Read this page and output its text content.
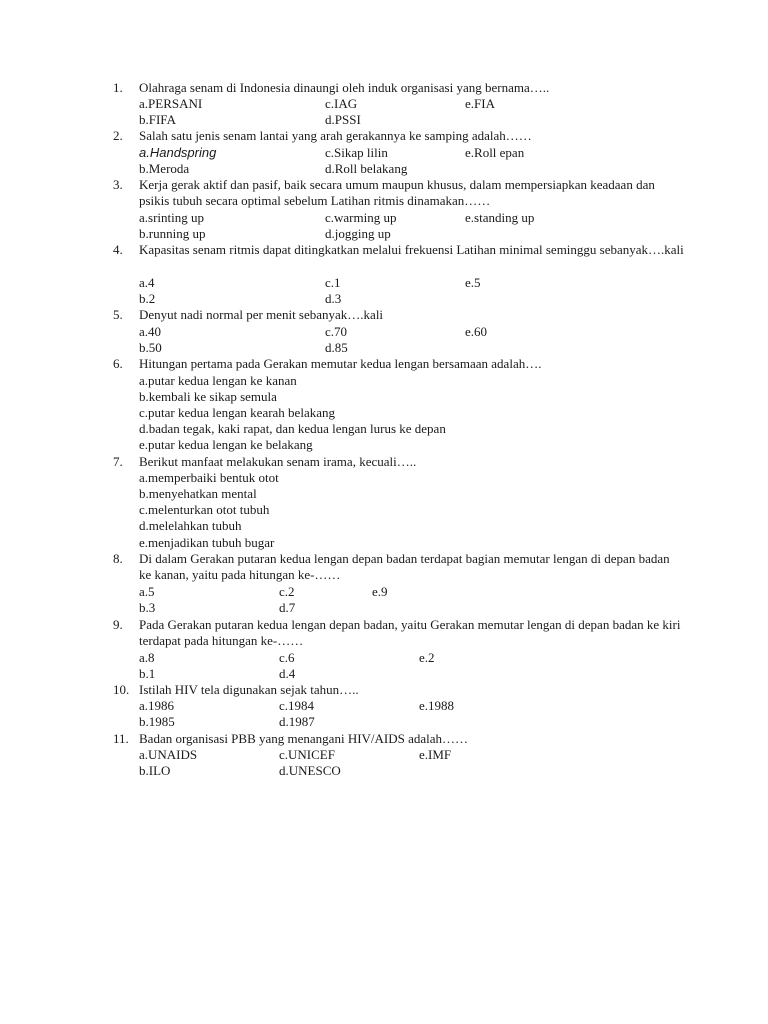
1.	Olahraga senam di Indonesia dinaungi oleh induk organisasi yang bernama…..
a.PERSANI	c.IAG	e.FIA
b.FIFA	d.PSSI
2.	Salah satu jenis senam lantai yang arah gerakannya ke samping adalah……
a.Handspring	c.Sikap lilin	e.Roll epan
b.Meroda	d.Roll belakang
3.	Kerja gerak aktif dan pasif, baik secara umum maupun khusus, dalam mempersiapkan keadaan dan psikis tubuh secara optimal sebelum Latihan ritmis dinamakan……
a.srinting up	c.warming up	e.standing up
b.running up	d.jogging up
4.	Kapasitas senam ritmis dapat ditingkatkan melalui frekuensi Latihan minimal seminggu sebanyak….kali
a.4	c.1	e.5
b.2	d.3
5.	Denyut nadi normal per menit sebanyak….kali
a.40	c.70	e.60
b.50	d.85
6.	Hitungan pertama pada Gerakan memutar kedua lengan bersamaan adalah….
a.putar kedua lengan ke kanan
b.kembali ke sikap semula
c.putar kedua lengan kearah belakang
d.badan tegak, kaki rapat, dan kedua lengan lurus ke depan
e.putar kedua lengan ke belakang
7.	Berikut manfaat melakukan senam irama, kecuali…..
a.memperbaiki bentuk otot
b.menyehatkan mental
c.melenturkan otot tubuh
d.melelahkan tubuh
e.menjadikan tubuh bugar
8.	Di dalam Gerakan putaran kedua lengan depan badan terdapat bagian memutar lengan di depan badan ke kanan, yaitu pada hitungan ke-……
a.5	c.2	e.9
b.3	d.7
9.	Pada Gerakan putaran kedua lengan depan badan, yaitu Gerakan memutar lengan di depan badan ke kiri terdapat pada hitungan ke-……
a.8	c.6	e.2
b.1	d.4
10. Istilah HIV tela digunakan sejak tahun…..
a.1986	c.1984	e.1988
b.1985	d.1987
11. Badan organisasi PBB yang menangani HIV/AIDS adalah……
a.UNAIDS	c.UNICEF	e.IMF
b.ILO	d.UNESCO
